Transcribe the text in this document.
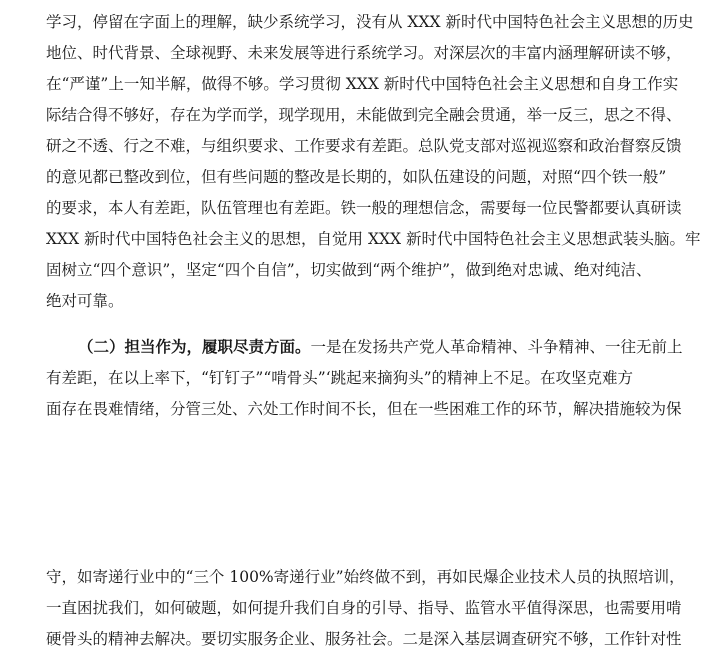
学习，停留在字面上的理解，缺少系统学习，没有从 XXX 新时代中国特色社会主义思想的历史
地位、时代背景、全球视野、未来发展等进行系统学习。对深层次的丰富内涵理解研读不够，
在“严谨”上一知半解，做得不够。学习贯彻 XXX 新时代中国特色社会主义思想和自身工作实
际结合得不够好，存在为学而学，现学现用，未能做到完全融会贯通，举一反三，思之不得、
研之不透、行之不难，与组织要求、工作要求有差距。总队党支部对巡视巡察和政治督察反馈
的意见都已整改到位，但有些问题的整改是长期的，如队伍建设的问题，对照“四个铁一般”
的要求，本人有差距，队伍管理也有差距。铁一般的理想信念，需要每一位民警都要认真研读
XXX 新时代中国特色社会主义的思想，自觉用 XXX 新时代中国特色社会主义思想武装头脑。牢
固树立“四个意识”，坚定“四个自信”，切实做到“两个维护”，做到绝对忠诚、绝对纯洁、
绝对可靠。
（二）担当作为，履职尽责方面。一是在发扬共产党人革命精神、斗争精神、一往无前上
有差距，在以上率下，“钉钉子”“啃骨头”‘跳起来摘狗头”的精神上不足。在攻坚克难方
面存在畏难情绪，分管三处、六处工作时间不长，但在一些困难工作的环节，解决措施较为保
守，如寄递行业中的“三个 100%寄递行业”始终做不到，再如民爆企业技术人员的执照培训，
一直困扰我们，如何破题，如何提升我们自身的引导、指导、监管水平值得深思，也需要用啃
硬骨头的精神去解决。要切实服务企业、服务社会。二是深入基层调查研究不够，工作针对性
